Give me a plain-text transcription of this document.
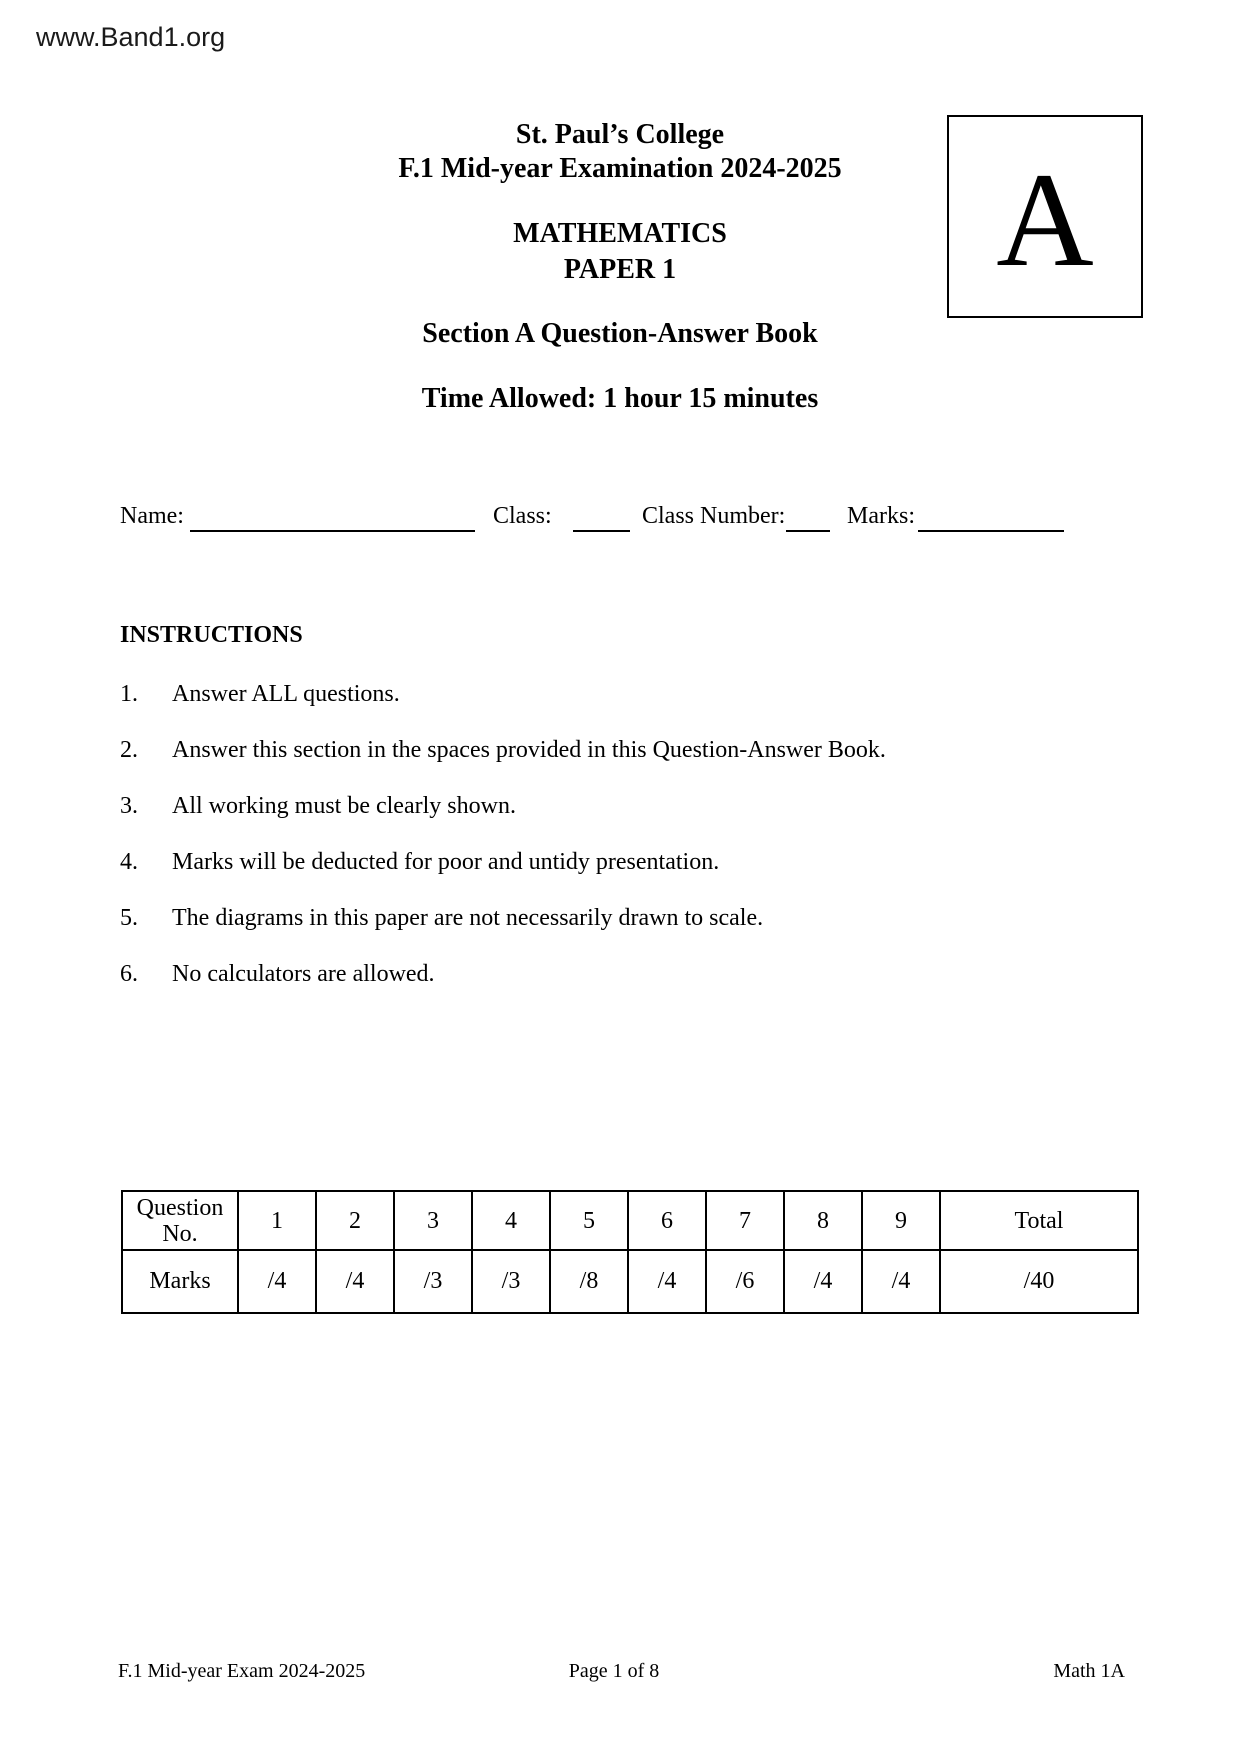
www.Band1.org
St. Paul’s College
F.1 Mid-year Examination 2024-2025
MATHEMATICS
PAPER 1
Section A Question-Answer Book
Time Allowed: 1 hour 15 minutes
A
Name:	Class:	Class Number:	Marks:
INSTRUCTIONS
1.	Answer ALL questions.
2.	Answer this section in the spaces provided in this Question-Answer Book.
3.	All working must be clearly shown.
4.	Marks will be deducted for poor and untidy presentation.
5.	The diagrams in this paper are not necessarily drawn to scale.
6.	No calculators are allowed.
Question No.	1	2	3	4	5	6	7	8	9	Total
Marks	/4	/4	/3	/3	/8	/4	/6	/4	/4	/40
F.1 Mid-year Exam 2024-2025	Page 1 of 8	Math 1A
